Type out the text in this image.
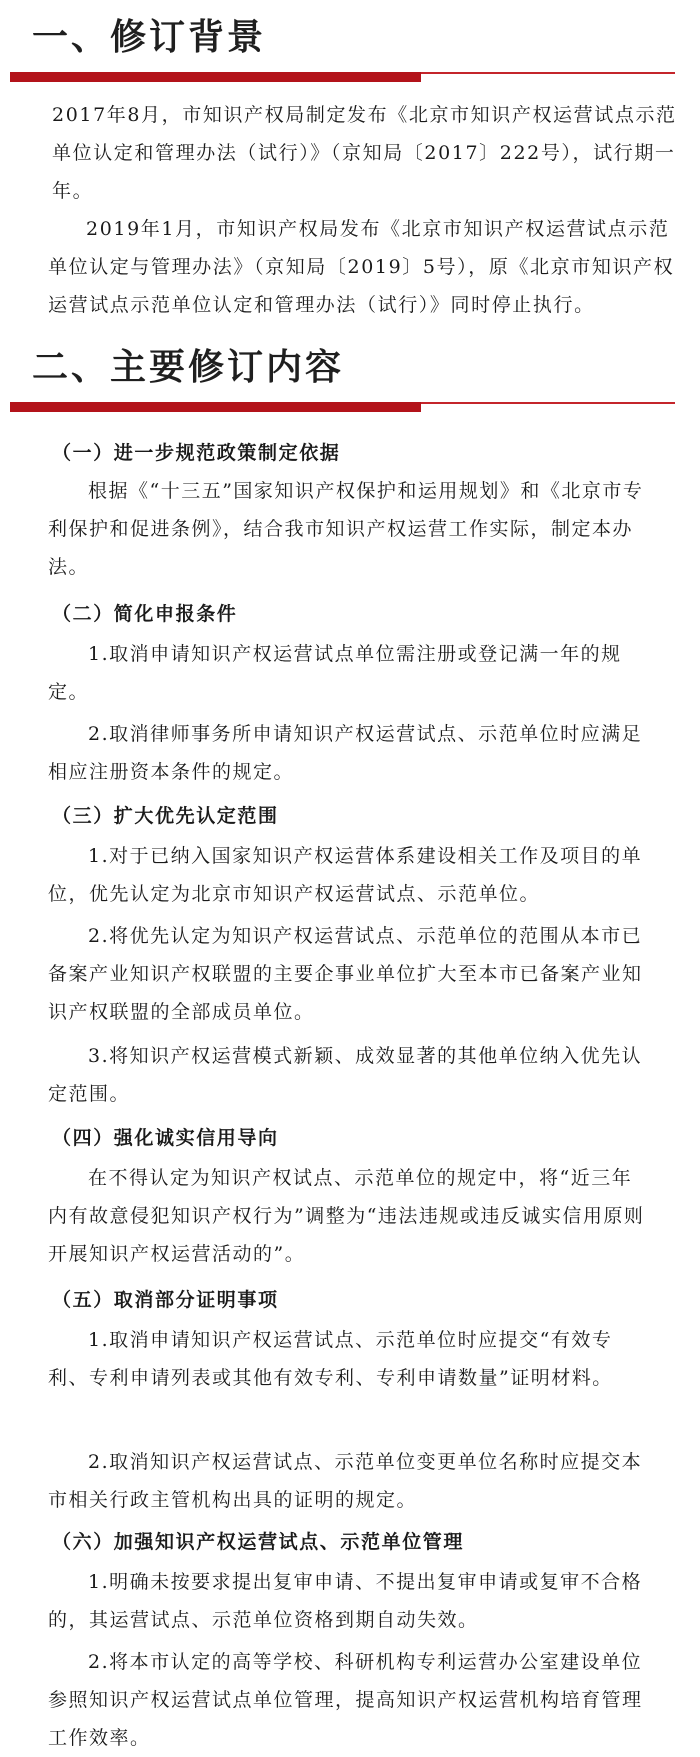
一、修订背景

2017年8月，市知识产权局制定发布《北京市知识产权运营试点示范单位认定和管理办法（试行）》（京知局〔2017〕222号），试行期一年。

2019年1月，市知识产权局发布《北京市知识产权运营试点示范单位认定与管理办法》（京知局〔2019〕5号），原《北京市知识产权运营试点示范单位认定和管理办法（试行）》同时停止执行。

二、主要修订内容
（一）进一步规范政策制定依据

根据《“十三五”国家知识产权保护和运用规划》和《北京市专利保护和促进条例》，结合我市知识产权运营工作实际，制定本办法。

（二）简化申报条件

1.取消申请知识产权运营试点单位需注册或登记满一年的规定。

2.取消律师事务所申请知识产权运营试点、示范单位时应满足相应注册资本条件的规定。

（三）扩大优先认定范围

1.对于已纳入国家知识产权运营体系建设相关工作及项目的单位，优先认定为北京市知识产权运营试点、示范单位。

2.将优先认定为知识产权运营试点、示范单位的范围从本市已备案产业知识产权联盟的主要企事业单位扩大至本市已备案产业知识产权联盟的全部成员单位。

3.将知识产权运营模式新颖、成效显著的其他单位纳入优先认定范围。

（四）强化诚实信用导向

在不得认定为知识产权试点、示范单位的规定中，将“近三年内有故意侵犯知识产权行为”调整为“违法违规或违反诚实信用原则开展知识产权运营活动的”。

（五）取消部分证明事项

1.取消申请知识产权运营试点、示范单位时应提交“有效专利、专利申请列表或其他有效专利、专利申请数量”证明材料。

2.取消知识产权运营试点、示范单位变更单位名称时应提交本市相关行政主管机构出具的证明的规定。

（六）加强知识产权运营试点、示范单位管理

1.明确未按要求提出复审申请、不提出复审申请或复审不合格的，其运营试点、示范单位资格到期自动失效。

2.将本市认定的高等学校、科研机构专利运营办公室建设单位参照知识产权运营试点单位管理，提高知识产权运营机构培育管理工作效率。
